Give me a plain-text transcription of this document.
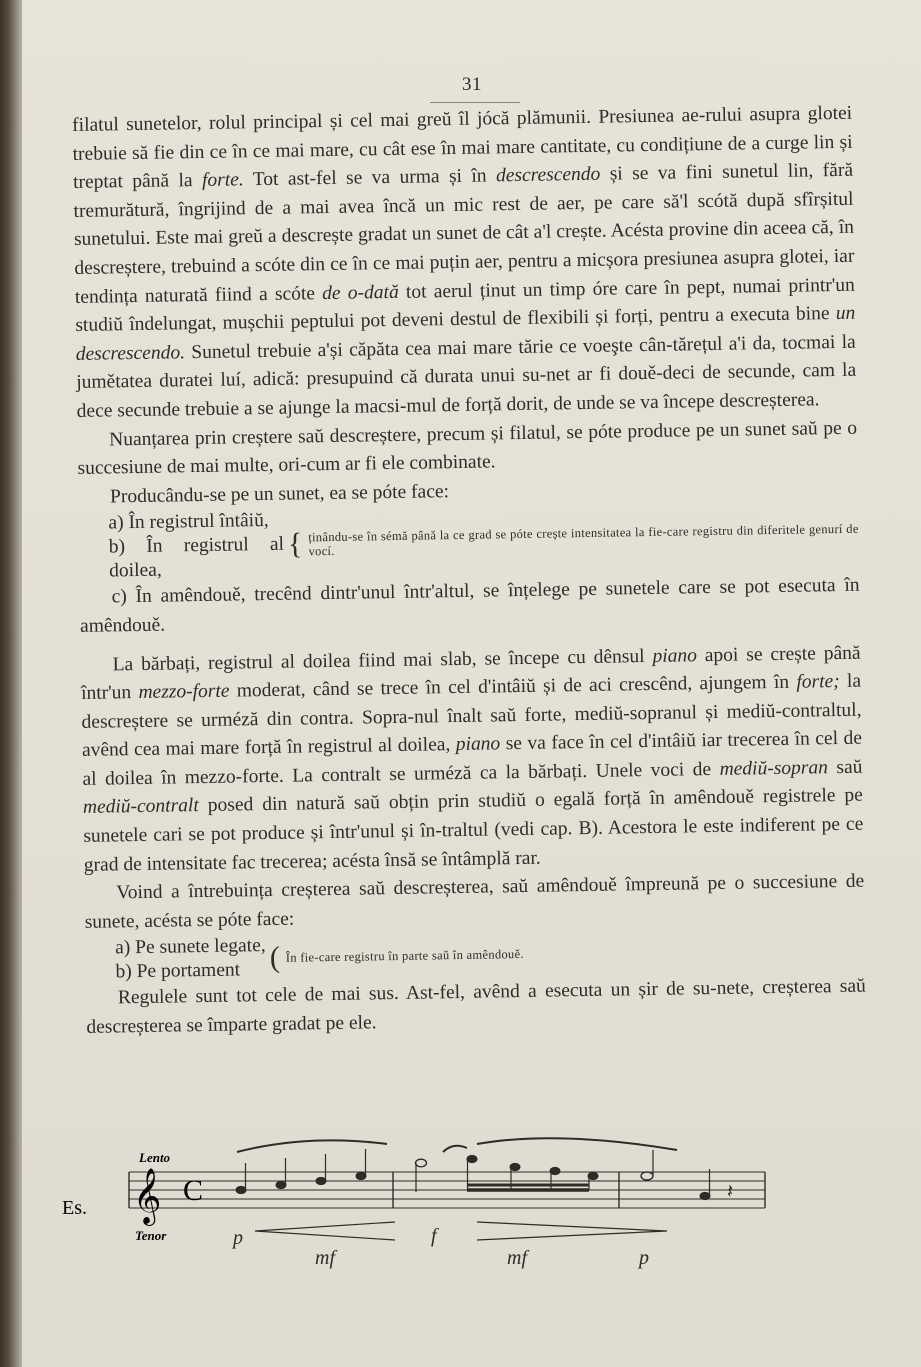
31

filatul sunetelor, rolul principal și cel mai greŭ îl jócă plămunii. Presiunea ae-rului asupra glotei trebuie să fie din ce în ce mai mare, cu cât ese în mai mare cantitate, cu condițiune de a curge lin și treptat până la forte. Tot ast-fel se va urma și în descrescendo și se va fini sunetul lin, fără tremurătură, îngrijind de a mai avea încă un mic rest de aer, pe care să'l scótă după sfîrșitul sunetului. Este mai greŭ a descrește gradat un sunet de cât a'l crește. Acésta provine din aceea că, în descreștere, trebuind a scóte din ce în ce mai puțin aer, pentru a micșora presiunea asupra glotei, iar tendința naturată fiind a scóte de o-dată tot aerul ținut un timp óre care în pept, numai printr'un studiŭ îndelungat, mușchii peptului pot deveni destul de flexibili și forți, pentru a executa bine un descrescendo. Sunetul trebuie a'și căpăta cea mai mare tărie ce voeşte cân-tărețul a'i da, tocmai la jumětatea duratei luí, adică: presupuind că durata unui su-net ar fi douě-deci de secunde, cam la dece secunde trebuie a se ajunge la macsi-mul de forță dorit, de unde se va începe descreșterea.

Nuanțarea prin creștere saŭ descreștere, precum și filatul, se póte produce pe un sunet saŭ pe o succesiune de mai multe, ori-cum ar fi ele combinate.

Producându-se pe un sunet, ea se póte face:

a) În registrul întâiŭ,
b) În registrul al doilea,
{ ținându-se în sémă până la ce grad se póte crește intensitatea la fie-care registru din diferitele genurí de vocí.

c) În amêndouě, trecênd dintr'unul într'altul, se înțelege pe sunetele care se pot esecuta în amêndouě.

La bărbați, registrul al doilea fiind mai slab, se începe cu dênsul piano apoi se crește până într'un mezzo-forte moderat, când se trece în cel d'intâiŭ și de aci crescênd, ajungem în forte; la descreștere se urméză din contra. Sopra-nul înalt saŭ forte, mediŭ-sopranul și mediŭ-contraltul, avênd cea mai mare forță în registrul al doilea, piano se va face în cel d'intâiŭ iar trecerea în cel de al doilea în mezzo-forte. La contralt se urméză ca la bărbați. Unele voci de mediŭ-sopran saŭ mediŭ-contralt posed din natură saŭ obțin prin studiŭ o egală forță în amêndouě registrele pe sunetele cari se pot produce și într'unul și în-traltul (vedi cap. B). Acestora le este indiferent pe ce grad de intensitate fac trecerea; acésta însă se întâmplă rar.

Voind a întrebuința creșterea saŭ descreșterea, saŭ amêndouě împreună pe o succesiune de sunete, acésta se póte face:

a) Pe sunete legate,
b) Pe portament ( În fie-care registru în parte saŭ în amêndouě.

Regulele sunt tot cele de mai sus. Ast-fel, avênd a esecuta un șir de su-nete, creșterea saŭ descreșterea se împarte gradat pe ele.

Es.
Lento
Tenor
𝄞 C	𝄽
p
mf
f
mf	p
